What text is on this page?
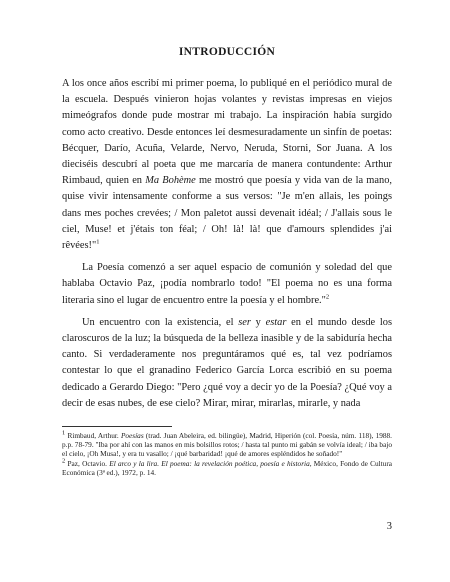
INTRODUCCIÓN

A los once años escribí mi primer poema, lo publiqué en el periódico mural de la escuela. Después vinieron hojas volantes y revistas impresas en viejos mimeógrafos donde pude mostrar mi trabajo. La inspiración había surgido como acto creativo. Desde entonces leí desmesuradamente un sinfín de poetas: Bécquer, Darío, Acuña, Velarde, Nervo, Neruda, Storni, Sor Juana. A los dieciséis descubrí al poeta que me marcaría de manera contundente: Arthur Rimbaud, quien en Ma Bohème me mostró que poesía y vida van de la mano, quise vivir intensamente conforme a sus versos: "Je m'en allais, les poings dans mes poches crevées; / Mon paletot aussi devenait idéal; / J'allais sous le ciel, Muse! et j'étais ton féal; / Oh! là! là! que d'amours splendides j'ai rêvées!"$^1$

La Poesía comenzó a ser aquel espacio de comunión y soledad del que hablaba Octavio Paz, ¡podía nombrarlo todo! "El poema no es una forma literaria sino el lugar de encuentro entre la poesía y el hombre."$^2$

Un encuentro con la existencia, el ser y estar en el mundo desde los claroscuros de la luz; la búsqueda de la belleza inasible y de la sabiduría hecha canto. Si verdaderamente nos preguntáramos qué es, tal vez podríamos contestar lo que el granadino Federico García Lorca escribió en su poema dedicado a Gerardo Diego: "Pero ¿qué voy a decir yo de la Poesía? ¿Qué voy a decir de esas nubes, de ese cielo? Mirar, mirar, mirarlas, mirarle, y nada

$^1$ Rimbaud, Arthur. Poesías (trad. Juan Abeleira, ed. bilingüe), Madrid, Hiperión (col. Poesía, núm. 118), 1988. p.p. 78-79. "Iba por ahí con las manos en mis bolsillos rotos; / hasta tal punto mi gabán se volvía ideal; / iba bajo el cielo, ¡Oh Musa!, y era tu vasallo; / ¡qué barbaridad! ¡qué de amores espléndidos he soñado!"

$^2$ Paz, Octavio. El arco y la lira. El poema: la revelación poética, poesía e historia, México, Fondo de Cultura Económica (3ª ed.), 1972, p. 14.

3
